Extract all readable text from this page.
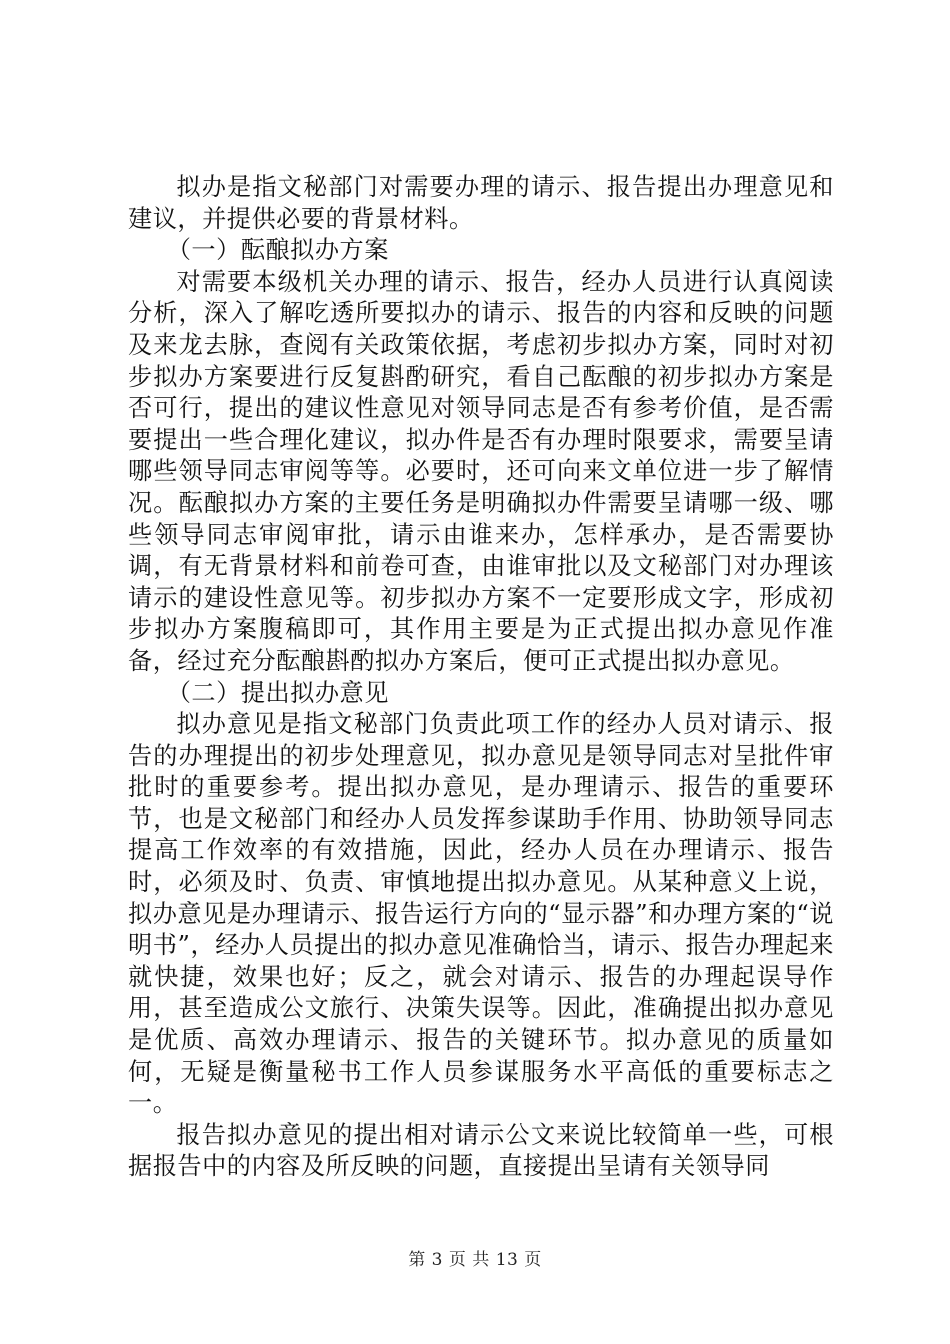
拟办是指文秘部门对需要办理的请示、报告提出办理意见和建议，并提供必要的背景材料。

（一）酝酿拟办方案

对需要本级机关办理的请示、报告，经办人员进行认真阅读分析，深入了解吃透所要拟办的请示、报告的内容和反映的问题及来龙去脉，查阅有关政策依据，考虑初步拟办方案，同时对初步拟办方案要进行反复斟酌研究，看自己酝酿的初步拟办方案是否可行，提出的建议性意见对领导同志是否有参考价值，是否需要提出一些合理化建议，拟办件是否有办理时限要求，需要呈请哪些领导同志审阅等等。必要时，还可向来文单位进一步了解情况。酝酿拟办方案的主要任务是明确拟办件需要呈请哪一级、哪些领导同志审阅审批，请示由谁来办，怎样承办，是否需要协调，有无背景材料和前卷可查，由谁审批以及文秘部门对办理该请示的建设性意见等。初步拟办方案不一定要形成文字，形成初步拟办方案腹稿即可，其作用主要是为正式提出拟办意见作准备，经过充分酝酿斟酌拟办方案后，便可正式提出拟办意见。

（二）提出拟办意见

拟办意见是指文秘部门负责此项工作的经办人员对请示、报告的办理提出的初步处理意见，拟办意见是领导同志对呈批件审批时的重要参考。提出拟办意见，是办理请示、报告的重要环节，也是文秘部门和经办人员发挥参谋助手作用、协助领导同志提高工作效率的有效措施，因此，经办人员在办理请示、报告时，必须及时、负责、审慎地提出拟办意见。从某种意义上说，拟办意见是办理请示、报告运行方向的“显示器”和办理方案的“说明书”，经办人员提出的拟办意见准确恰当，请示、报告办理起来就快捷，效果也好；反之，就会对请示、报告的办理起误导作用，甚至造成公文旅行、决策失误等。因此，准确提出拟办意见是优质、高效办理请示、报告的关键环节。拟办意见的质量如何，无疑是衡量秘书工作人员参谋服务水平高低的重要标志之一。

报告拟办意见的提出相对请示公文来说比较简单一些，可根据报告中的内容及所反映的问题，直接提出呈请有关领导同

第 3 页 共 13 页
